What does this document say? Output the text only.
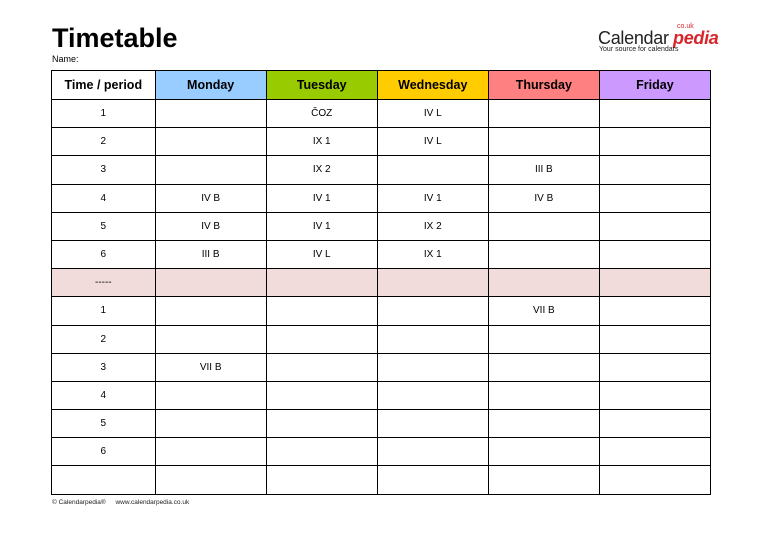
Timetable
Name:
Calendar
co.uk
pedia
Your source for calendars
Time / period	Monday	Tuesday	Wednesday	Thursday	Friday
1		ČOZ	IV L		
2		IX 1	IV L		
3		IX 2		III B	
4	IV B	IV 1	IV 1	IV B	
5	IV B	IV 1	IX 2		
6	III B	IV L	IX 1		
-----					
1				VII B	
2					
3	VII B				
4					
5					
6					

© Calendarpedia® www.calendarpedia.co.uk
